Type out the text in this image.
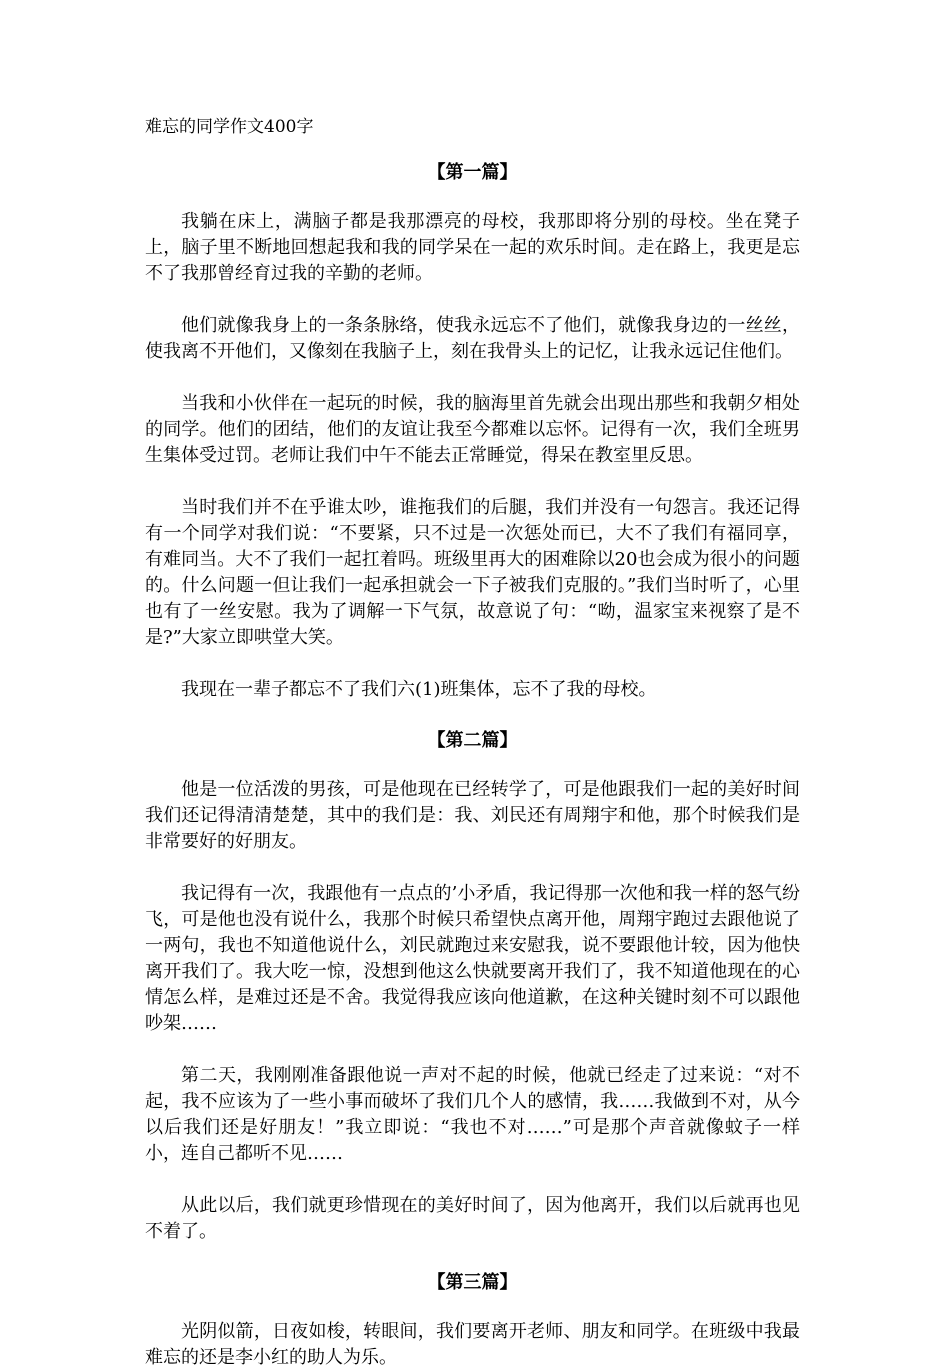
难忘的同学作文400字
【第一篇】

我躺在床上，满脑子都是我那漂亮的母校，我那即将分别的母校。坐在凳子上，脑子里不断地回想起我和我的同学呆在一起的欢乐时间。走在路上，我更是忘不了我那曾经育过我的辛勤的老师。

他们就像我身上的一条条脉络，使我永远忘不了他们，就像我身边的一丝丝，使我离不开他们，又像刻在我脑子上，刻在我骨头上的记忆，让我永远记住他们。

当我和小伙伴在一起玩的时候，我的脑海里首先就会出现出那些和我朝夕相处的同学。他们的团结，他们的友谊让我至今都难以忘怀。记得有一次，我们全班男生集体受过罚。老师让我们中午不能去正常睡觉，得呆在教室里反思。

当时我们并不在乎谁太吵，谁拖我们的后腿，我们并没有一句怨言。我还记得有一个同学对我们说：“不要紧，只不过是一次惩处而已，大不了我们有福同享，有难同当。大不了我们一起扛着吗。班级里再大的困难除以20也会成为很小的问题的。什么问题一但让我们一起承担就会一下子被我们克服的。”我们当时听了，心里也有了一丝安慰。我为了调解一下气氛，故意说了句：“呦，温家宝来视察了是不是?”大家立即哄堂大笑。

我现在一辈子都忘不了我们六(1)班集体，忘不了我的母校。

【第二篇】

他是一位活泼的男孩，可是他现在已经转学了，可是他跟我们一起的美好时间我们还记得清清楚楚，其中的我们是：我、刘民还有周翔宇和他，那个时候我们是非常要好的好朋友。

我记得有一次，我跟他有一点点的’小矛盾，我记得那一次他和我一样的怒气纷飞，可是他也没有说什么，我那个时候只希望快点离开他，周翔宇跑过去跟他说了一两句，我也不知道他说什么，刘民就跑过来安慰我，说不要跟他计较，因为他快离开我们了。我大吃一惊，没想到他这么快就要离开我们了，我不知道他现在的心情怎么样，是难过还是不舍。我觉得我应该向他道歉，在这种关键时刻不可以跟他吵架……

第二天，我刚刚准备跟他说一声对不起的时候，他就已经走了过来说：“对不起，我不应该为了一些小事而破坏了我们几个人的感情，我……我做到不对，从今以后我们还是好朋友！”我立即说：“我也不对……”可是那个声音就像蚊子一样小，连自己都听不见……

从此以后，我们就更珍惜现在的美好时间了，因为他离开，我们以后就再也见不着了。

【第三篇】

光阴似箭，日夜如梭，转眼间，我们要离开老师、朋友和同学。在班级中我最难忘的还是李小红的助人为乐。
